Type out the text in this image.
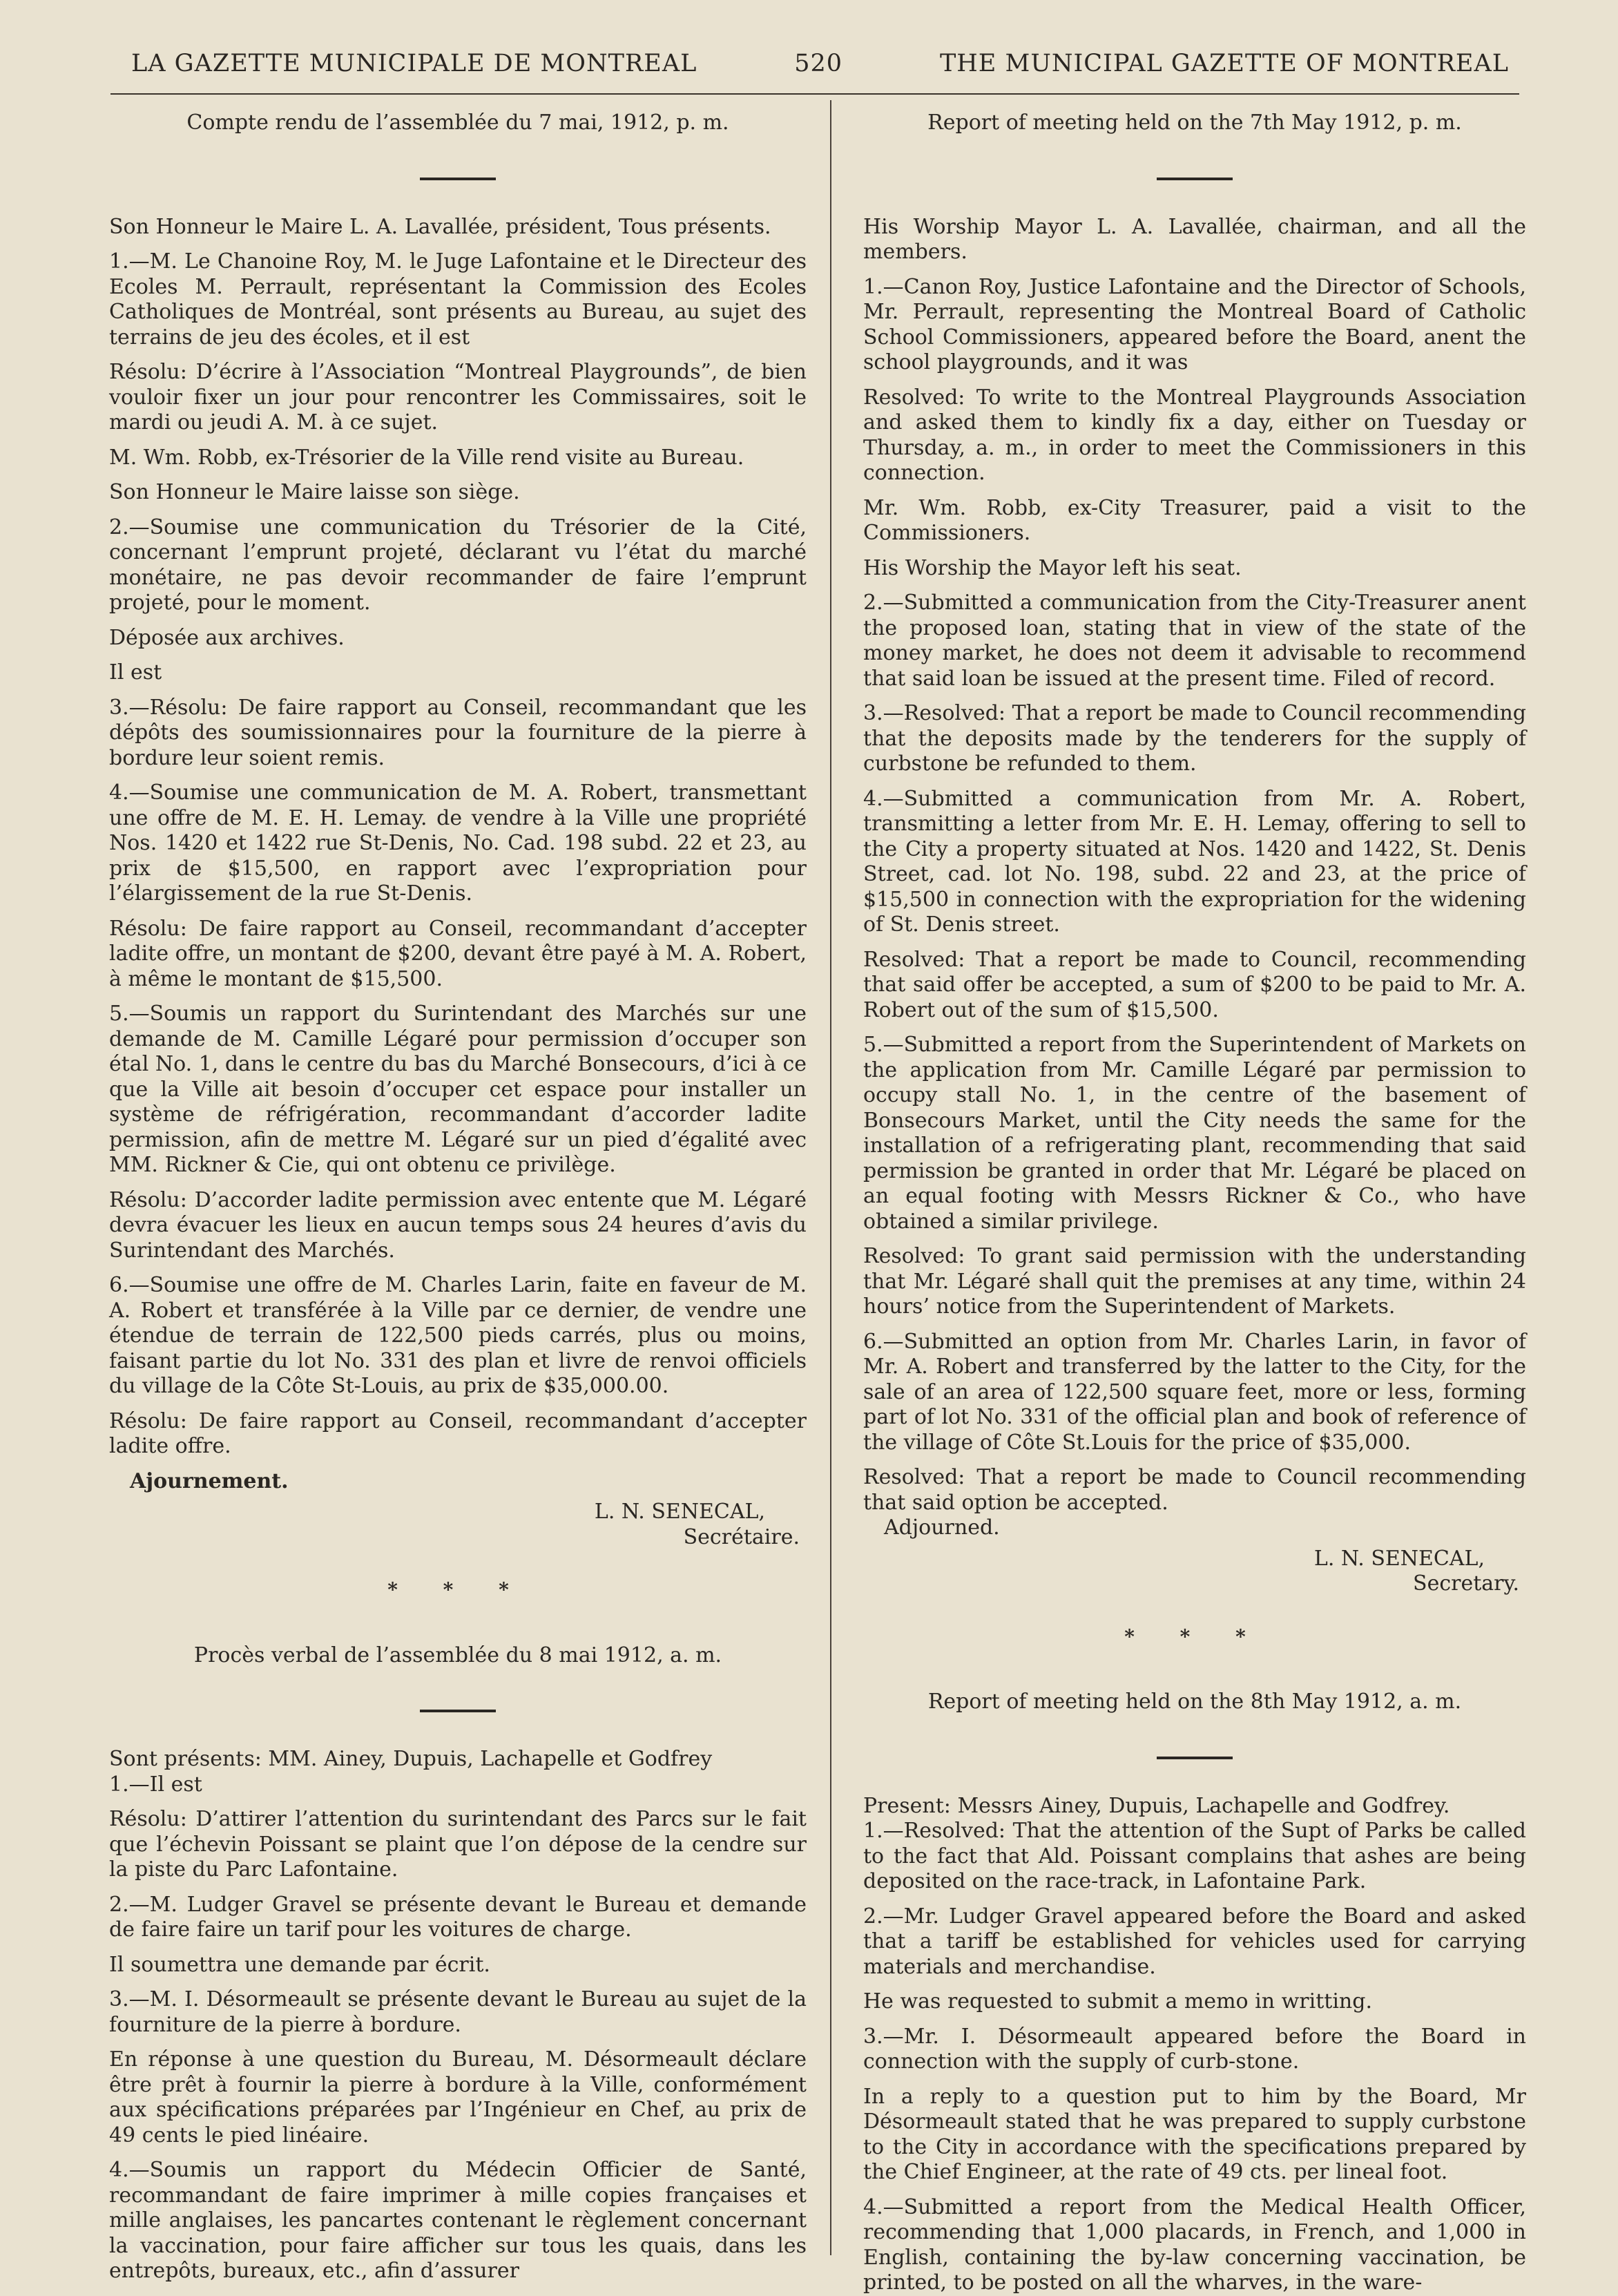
LA GAZETTE MUNICIPALE DE MONTREAL	520	THE MUNICIPAL GAZETTE OF MONTREAL

Compte rendu de l’assemblée du 7 mai, 1912, p. m.

Son Honneur le Maire L. A. Lavallée, président, Tous présents.

1.—M. Le Chanoine Roy, M. le Juge Lafontaine et le Directeur des Ecoles M. Perrault, représentant la Commission des Ecoles Catholiques de Montréal, sont présents au Bureau, au sujet des terrains de jeu des écoles, et il est

Résolu: D’écrire à l’Association “Montreal Playgrounds”, de bien vouloir fixer un jour pour rencontrer les Commissaires, soit le mardi ou jeudi A. M. à ce sujet.

M. Wm. Robb, ex-Trésorier de la Ville rend visite au Bureau.

Son Honneur le Maire laisse son siège.

2.—Soumise une communication du Trésorier de la Cité, concernant l’emprunt projeté, déclarant vu l’état du marché monétaire, ne pas devoir recommander de faire l’emprunt projeté, pour le moment.

Déposée aux archives.

Il est

3.—Résolu: De faire rapport au Conseil, recommandant que les dépôts des soumissionnaires pour la fourniture de la pierre à bordure leur soient remis.

4.—Soumise une communication de M. A. Robert, transmettant une offre de M. E. H. Lemay. de vendre à la Ville une propriété Nos. 1420 et 1422 rue St-Denis, No. Cad. 198 subd. 22 et 23, au prix de $15,500, en rapport avec l’expropriation pour l’élargissement de la rue St-Denis.

Résolu: De faire rapport au Conseil, recommandant d’accepter ladite offre, un montant de $200, devant être payé à M. A. Robert, à même le montant de $15,500.

5.—Soumis un rapport du Surintendant des Marchés sur une demande de M. Camille Légaré pour permission d’occuper son étal No. 1, dans le centre du bas du Marché Bonsecours, d’ici à ce que la Ville ait besoin d’occuper cet espace pour installer un système de réfrigération, recommandant d’accorder ladite permission, afin de mettre M. Légaré sur un pied d’égalité avec MM. Rickner & Cie, qui ont obtenu ce privilège.

Résolu: D’accorder ladite permission avec entente que M. Légaré devra évacuer les lieux en aucun temps sous 24 heures d’avis du Surintendant des Marchés.

6.—Soumise une offre de M. Charles Larin, faite en faveur de M. A. Robert et transférée à la Ville par ce dernier, de vendre une étendue de terrain de 122,500 pieds carrés, plus ou moins, faisant partie du lot No. 331 des plan et livre de renvoi officiels du village de la Côte St-Louis, au prix de $35,000.00.

Résolu: De faire rapport au Conseil, recommandant d’accepter ladite offre.

Ajournement.

L. N. SENECAL,

Secrétaire.

* * *

Procès verbal de l’assemblée du 8 mai 1912, a. m.

Sont présents: MM. Ainey, Dupuis, Lachapelle et Godfrey

1.—Il est

Résolu: D’attirer l’attention du surintendant des Parcs sur le fait que l’échevin Poissant se plaint que l’on dépose de la cendre sur la piste du Parc Lafontaine.

2.—M. Ludger Gravel se présente devant le Bureau et demande de faire faire un tarif pour les voitures de charge.

Il soumettra une demande par écrit.

3.—M. I. Désormeault se présente devant le Bureau au sujet de la fourniture de la pierre à bordure.

En réponse à une question du Bureau, M. Désormeault déclare être prêt à fournir la pierre à bordure à la Ville, conformément aux spécifications préparées par l’Ingénieur en Chef, au prix de 49 cents le pied linéaire.

4.—Soumis un rapport du Médecin Officier de Santé, recommandant de faire imprimer à mille copies françaises et mille anglaises, les pancartes contenant le règlement concernant la vaccination, pour faire afficher sur tous les quais, dans les entrepôts, bureaux, etc., afin d’assurer

Report of meeting held on the 7th May 1912, p. m.

His Worship Mayor L. A. Lavallée, chairman, and all the members.

1.—Canon Roy, Justice Lafontaine and the Director of Schools, Mr. Perrault, representing the Montreal Board of Catholic School Commissioners, appeared before the Board, anent the school playgrounds, and it was

Resolved: To write to the Montreal Playgrounds Association and asked them to kindly fix a day, either on Tuesday or Thursday, a. m., in order to meet the Commissioners in this connection.

Mr. Wm. Robb, ex-City Treasurer, paid a visit to the Commissioners.

His Worship the Mayor left his seat.

2.—Submitted a communication from the City-Treasurer anent the proposed loan, stating that in view of the state of the money market, he does not deem it advisable to recommend that said loan be issued at the present time. Filed of record.

3.—Resolved: That a report be made to Council recommending that the deposits made by the tenderers for the supply of curbstone be refunded to them.

4.—Submitted a communication from Mr. A. Robert, transmitting a letter from Mr. E. H. Lemay, offering to sell to the City a property situated at Nos. 1420 and 1422, St. Denis Street, cad. lot No. 198, subd. 22 and 23, at the price of $15,500 in connection with the expropriation for the widening of St. Denis street.

Resolved: That a report be made to Council, recommending that said offer be accepted, a sum of $200 to be paid to Mr. A. Robert out of the sum of $15,500.

5.—Submitted a report from the Superintendent of Markets on the application from Mr. Camille Légaré par permission to occupy stall No. 1, in the centre of the basement of Bonsecours Market, until the City needs the same for the installation of a refrigerating plant, recommending that said permission be granted in order that Mr. Légaré be placed on an equal footing with Messrs Rickner & Co., who have obtained a similar privilege.

Resolved: To grant said permission with the understanding that Mr. Légaré shall quit the premises at any time, within 24 hours’ notice from the Superintendent of Markets.

6.—Submitted an option from Mr. Charles Larin, in favor of Mr. A. Robert and transferred by the latter to the City, for the sale of an area of 122,500 square feet, more or less, forming part of lot No. 331 of the official plan and book of reference of the village of Côte St.Louis for the price of $35,000.

Resolved: That a report be made to Council recommending that said option be accepted.

Adjourned.

L. N. SENECAL,

Secretary.

* * *

Report of meeting held on the 8th May 1912, a. m.

Present: Messrs Ainey, Dupuis, Lachapelle and Godfrey.

1.—Resolved: That the attention of the Supt of Parks be called to the fact that Ald. Poissant complains that ashes are being deposited on the race-track, in Lafontaine Park.

2.—Mr. Ludger Gravel appeared before the Board and asked that a tariff be established for vehicles used for carrying materials and merchandise.

He was requested to submit a memo in writting.

3.—Mr. I. Désormeault appeared before the Board in connection with the supply of curb-stone.

In a reply to a question put to him by the Board, Mr Désormeault stated that he was prepared to supply curbstone to the City in accordance with the specifications prepared by the Chief Engineer, at the rate of 49 cts. per lineal foot.

4.—Submitted a report from the Medical Health Officer, recommending that 1,000 placards, in French, and 1,000 in English, containing the by-law concerning vaccination, be printed, to be posted on all the wharves, in the ware-
